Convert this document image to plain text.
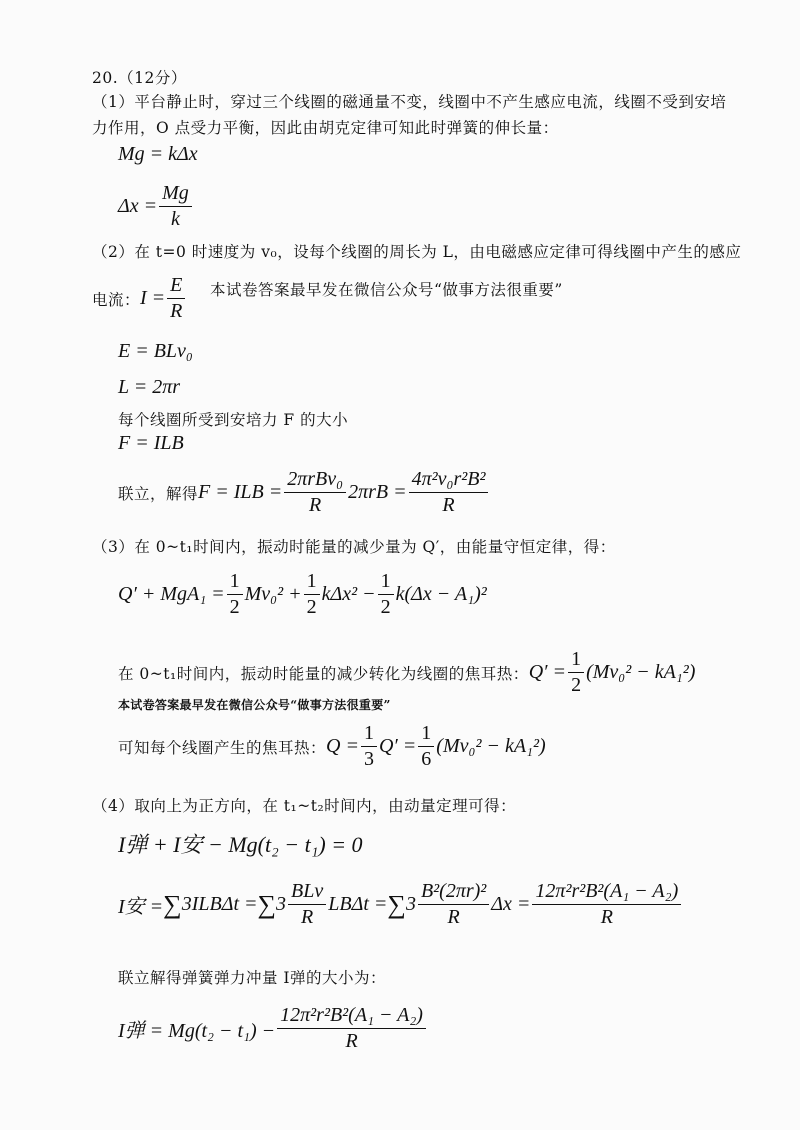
20.（12分）
（1）平台静止时，穿过三个线圈的磁通量不变，线圈中不产生感应电流，线圈不受到安培
力作用，O 点受力平衡，因此由胡克定律可知此时弹簧的伸长量：
Mg = kΔx
$\Delta x = \frac{Mg}{k}$
（2）在 t=0 时速度为 v₀，设每个线圈的周长为 L，由电磁感应定律可得线圈中产生的感应
电流： $I = \frac{E}{R}$ 本试卷答案最早发在微信公众号“做事方法很重要”
E = BLv₀
L = 2πr
每个线圈所受到安培力 F 的大小
F = ILB
联立，解得 F = ILB = $\frac{\text{2πrBv₀}}{R} 2\pi rB = \frac{\text{4π²v₀r²B²}}{R}$
（3）在 0~t₁时间内，振动时能量的减少量为 Q′，由能量守恒定律，得：
$Q' + MgA_1 = \frac{1}{2} Mv_0^2 + \frac{1}{2} k\Delta x^2 - \frac{1}{2} k(\Delta x - A_1)^2$
在 0~t₁时间内，振动时能量的减少转化为线圈的焦耳热： $Q' = \frac{1}{2} (Mv_0^2 - kA_1^2)$
本试卷答案最早发在微信公众号“做事方法很重要”
可知每个线圈产生的焦耳热： $Q = \frac{1}{3} Q' = \frac{1}{6} (Mv_0^2 - kA_1^2)$
（4）取向上为正方向，在 t₁~t₂时间内，由动量定理可得：
I弹 + I安 − Mg(t₂ − t₁) = 0
I安 = ∑ 3ILBΔt = ∑ $3 \frac{\text{BLv}}{R}$ LBΔt = ∑ $3 \frac{\text{B²(2πr)²}}{R}$ $\Delta x = \frac{\text{12π²r²B²(A₁ − A₂)}}{R}$
联立解得弹簧弹力冲量 I弹的大小为：
I弹 = $Mg(t_2 - t_1) - \frac{\text{12π²r²B²(A₁ − A₂)}}{R}$
